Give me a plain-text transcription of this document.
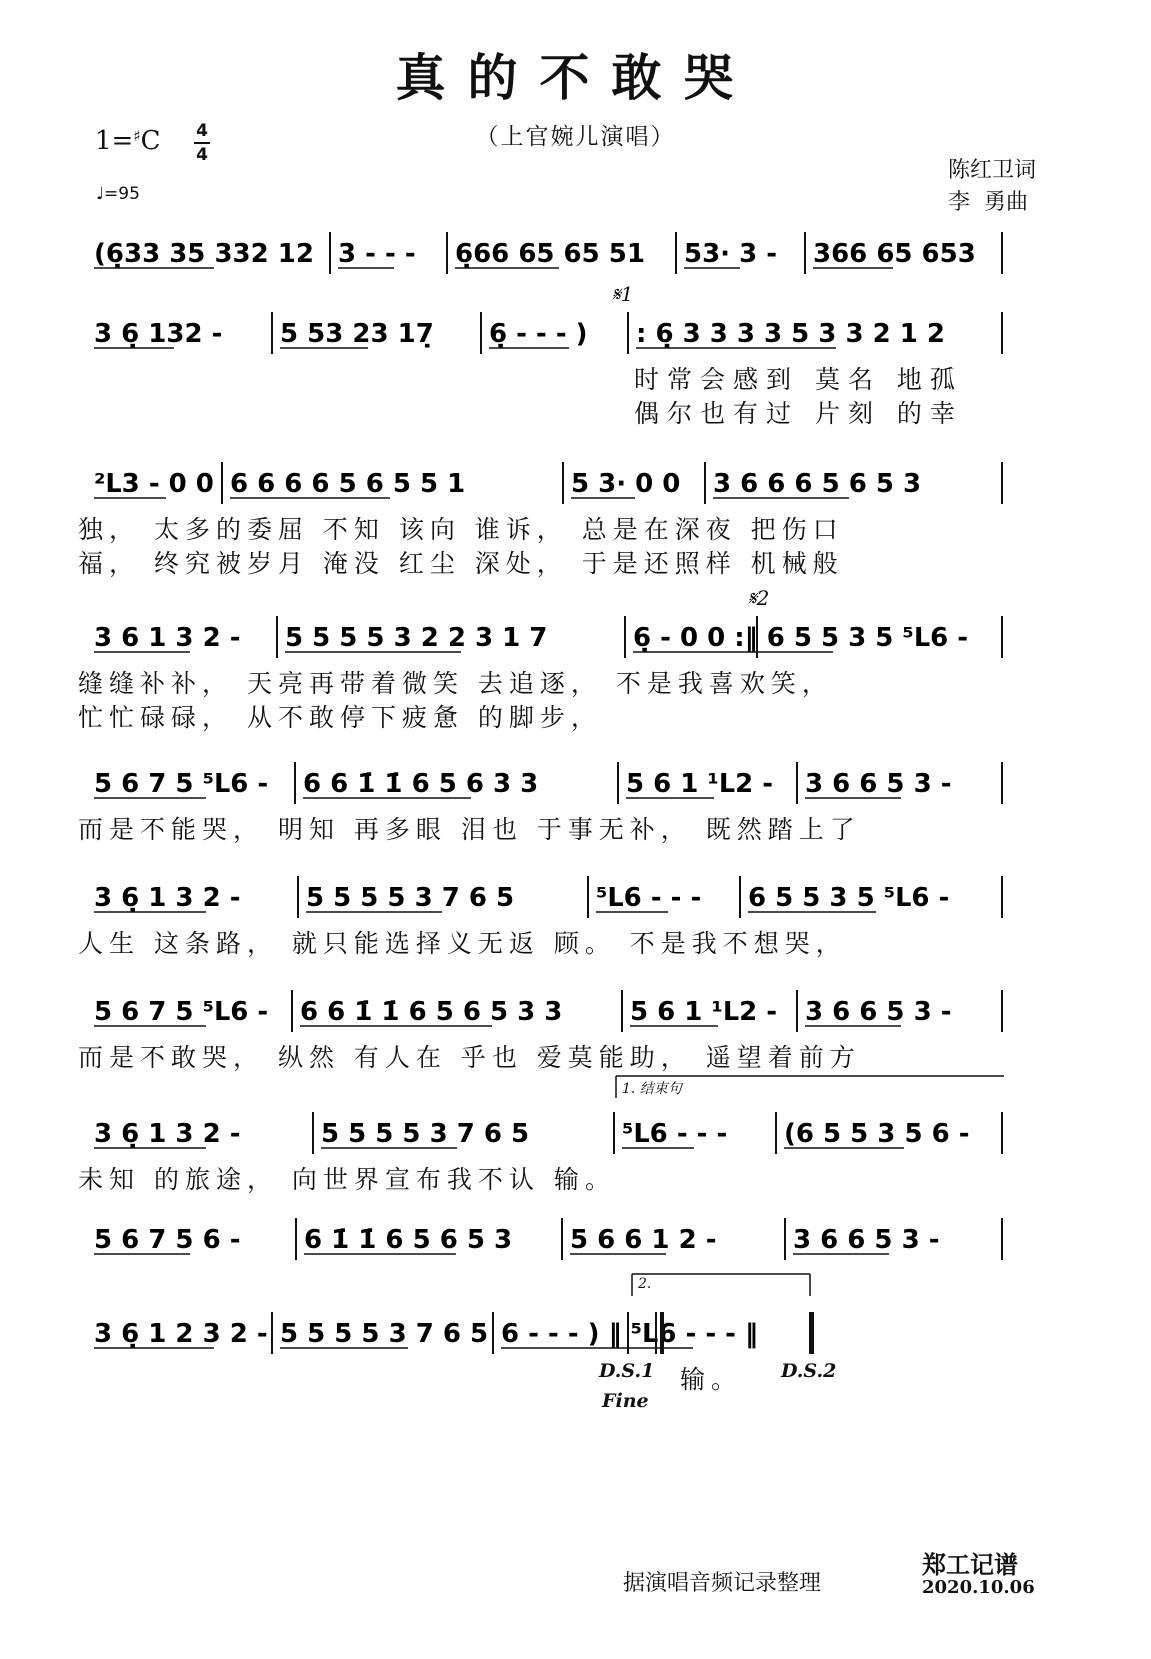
真的不敢哭
（上官婉儿演唱）
1=♯C 4
4
♩=95
陈红卫词
李  勇曲
(6̣33 35 332 12 3 - - - 6̣66 65 65 51 53· 3 - 366 65 653
3 6̣ 132 - 5 53 23 17̣ 6̣ - - - ) : 6̣ 3 3 3 3 5 3 3 2 1 2
𝄋1
时常会感到 莫名 地孤
偶尔也有过 片刻 的幸
²ᒪ3 - 0 0 6 6 6 6 5 6 5 5 1	5 3· 0 0 3 6 6 6 5 6 5 3
独， 太多的委屈 不知 该向 谁诉， 总是在深夜 把伤口
福， 终究被岁月 淹没 红尘 深处， 于是还照样 机械般
3 6 1 3 2 - 5 5 5 5 3 2 2 3 1 7	6̣ - 0 0 :‖ 6 5 5 3 5 ⁵ᒪ6 -
𝄋2
缝缝补补， 天亮再带着微笑 去追逐， 不是我喜欢笑，
忙忙碌碌， 从不敢停下疲惫 的脚步，
5 6 7 5 ⁵ᒪ6 - 6 6 1̇ 1̇ 6 5 6 3 3	5 6 1 ¹ᒪ2 - 3 6 6 5 3 -
而是不能哭， 明知 再多眼 泪也 于事无补， 既然踏上了
3 6̣ 1 3 2 -	5 5 5 5 3 7 6 5	⁵ᒪ6 - - - 6 5 5 3 5 ⁵ᒪ6 -
人生 这条路， 就只能选择义无返 顾。 不是我不想哭，
5 6 7 5 ⁵ᒪ6 - 6 6 1̇ 1̇ 6 5 6 5 3 3	5 6 1 ¹ᒪ2 - 3 6 6 5 3 -
而是不敢哭， 纵然 有人在 乎也 爱莫能助， 遥望着前方
3 6̣ 1 3 2 -	5 5 5 5 3 7 6 5	⁵ᒪ6 - - - (6 5 5 3 5 6 -
1. 结束句
未知 的旅途， 向世界宣布我不认 输。
5 6 7 5 6 - 6 1̇ 1̇ 6 5 6 5 3 5 6 6 1 2 -	3 6 6 5 3 -
3 6̣ 1 2 3 2 - 5 5 5 5 3 7 6 5 6 - - - ) ‖ ⁵ᒪ6 - - - ‖
2.
输。
D.S.1
Fine
D.S.2
据演唱音频记录整理
郑工记谱
2020.10.06
